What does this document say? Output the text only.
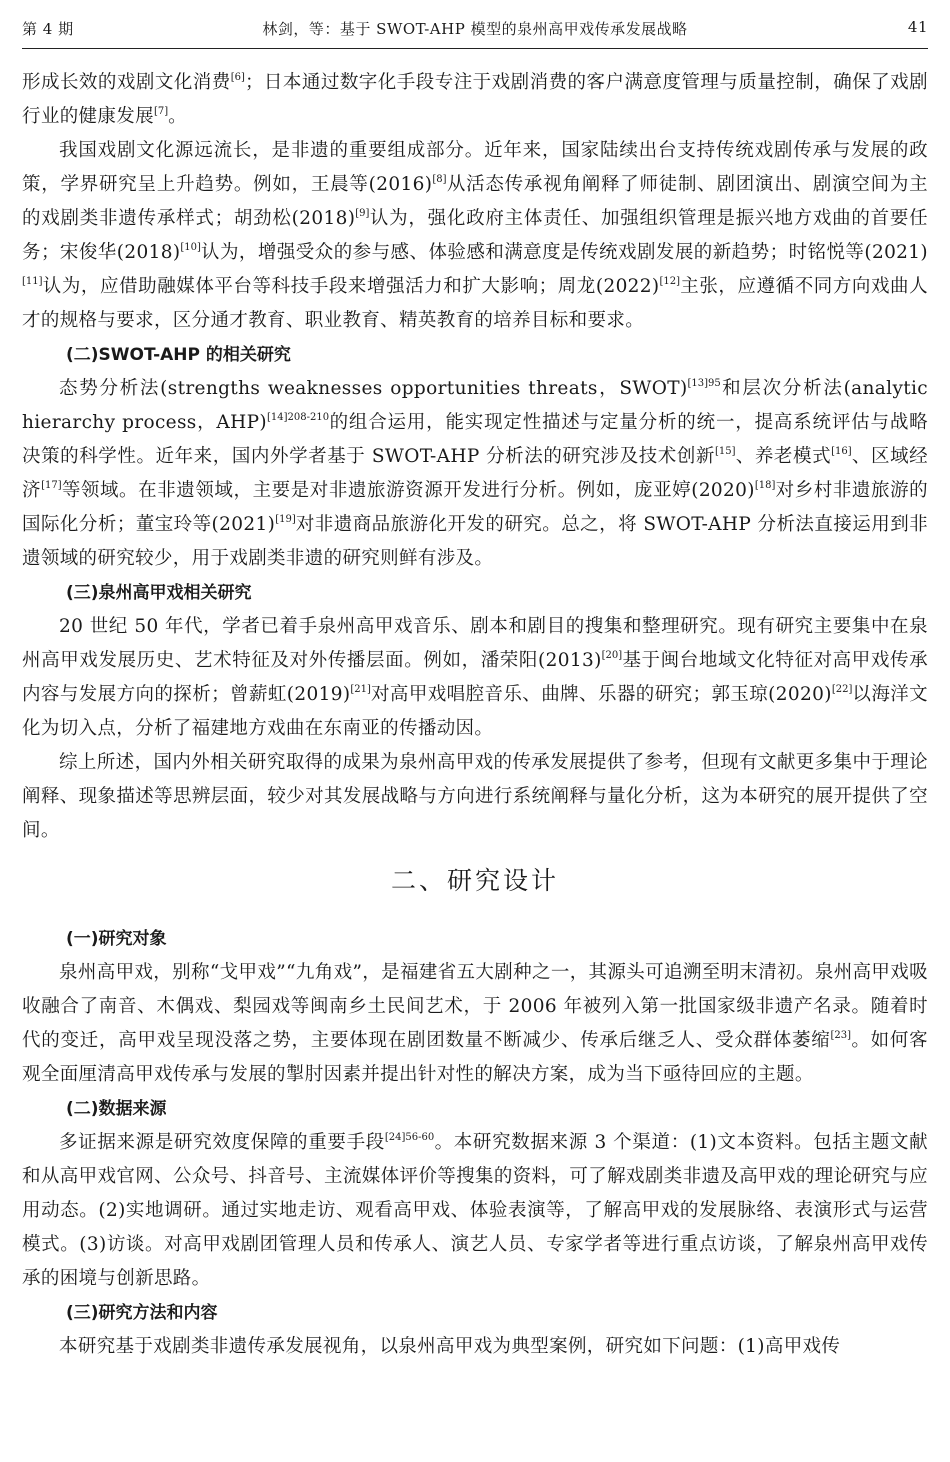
第 4 期	林剑，等：基于 SWOT-AHP 模型的泉州高甲戏传承发展战略	41

形成长效的戏剧文化消费[6]；日本通过数字化手段专注于戏剧消费的客户满意度管理与质量控制，确保了戏剧行业的健康发展[7]。

我国戏剧文化源远流长，是非遗的重要组成部分。近年来，国家陆续出台支持传统戏剧传承与发展的政策，学界研究呈上升趋势。例如，王晨等(2016)[8]从活态传承视角阐释了师徒制、剧团演出、剧演空间为主的戏剧类非遗传承样式；胡劲松(2018)[9]认为，强化政府主体责任、加强组织管理是振兴地方戏曲的首要任务；宋俊华(2018)[10]认为，增强受众的参与感、体验感和满意度是传统戏剧发展的新趋势；时铭悦等(2021)[11]认为，应借助融媒体平台等科技手段来增强活力和扩大影响；周龙(2022)[12]主张，应遵循不同方向戏曲人才的规格与要求，区分通才教育、职业教育、精英教育的培养目标和要求。

(二)SWOT-AHP 的相关研究

态势分析法(strengths weaknesses opportunities threats，SWOT)$^{[13]95}$和层次分析法(analytic hierarchy process，AHP)$^{[14]208-210}$的组合运用，能实现定性描述与定量分析的统一，提高系统评估与战略决策的科学性。近年来，国内外学者基于 SWOT-AHP 分析法的研究涉及技术创新[15]、养老模式[16]、区域经济[17]等领域。在非遗领域，主要是对非遗旅游资源开发进行分析。例如，庞亚婷(2020)[18]对乡村非遗旅游的国际化分析；董宝玲等(2021)[19]对非遗商品旅游化开发的研究。总之，将 SWOT-AHP 分析法直接运用到非遗领域的研究较少，用于戏剧类非遗的研究则鲜有涉及。

(三)泉州高甲戏相关研究

20 世纪 50 年代，学者已着手泉州高甲戏音乐、剧本和剧目的搜集和整理研究。现有研究主要集中在泉州高甲戏发展历史、艺术特征及对外传播层面。例如，潘荣阳(2013)[20]基于闽台地域文化特征对高甲戏传承内容与发展方向的探析；曾薪虹(2019)[21]对高甲戏唱腔音乐、曲牌、乐器的研究；郭玉琼(2020)[22]以海洋文化为切入点，分析了福建地方戏曲在东南亚的传播动因。

综上所述，国内外相关研究取得的成果为泉州高甲戏的传承发展提供了参考，但现有文献更多集中于理论阐释、现象描述等思辨层面，较少对其发展战略与方向进行系统阐释与量化分析，这为本研究的展开提供了空间。

二、研究设计
(一)研究对象

泉州高甲戏，别称“戈甲戏”“九角戏”，是福建省五大剧种之一，其源头可追溯至明末清初。泉州高甲戏吸收融合了南音、木偶戏、梨园戏等闽南乡土民间艺术，于 2006 年被列入第一批国家级非遗产名录。随着时代的变迁，高甲戏呈现没落之势，主要体现在剧团数量不断减少、传承后继乏人、受众群体萎缩[23]。如何客观全面厘清高甲戏传承与发展的掣肘因素并提出针对性的解决方案，成为当下亟待回应的主题。

(二)数据来源

多证据来源是研究效度保障的重要手段$^{[24]56-60}$。本研究数据来源 3 个渠道：(1)文本资料。包括主题文献和从高甲戏官网、公众号、抖音号、主流媒体评价等搜集的资料，可了解戏剧类非遗及高甲戏的理论研究与应用动态。(2)实地调研。通过实地走访、观看高甲戏、体验表演等，了解高甲戏的发展脉络、表演形式与运营模式。(3)访谈。对高甲戏剧团管理人员和传承人、演艺人员、专家学者等进行重点访谈，了解泉州高甲戏传承的困境与创新思路。

(三)研究方法和内容

本研究基于戏剧类非遗传承发展视角，以泉州高甲戏为典型案例，研究如下问题：(1)高甲戏传
